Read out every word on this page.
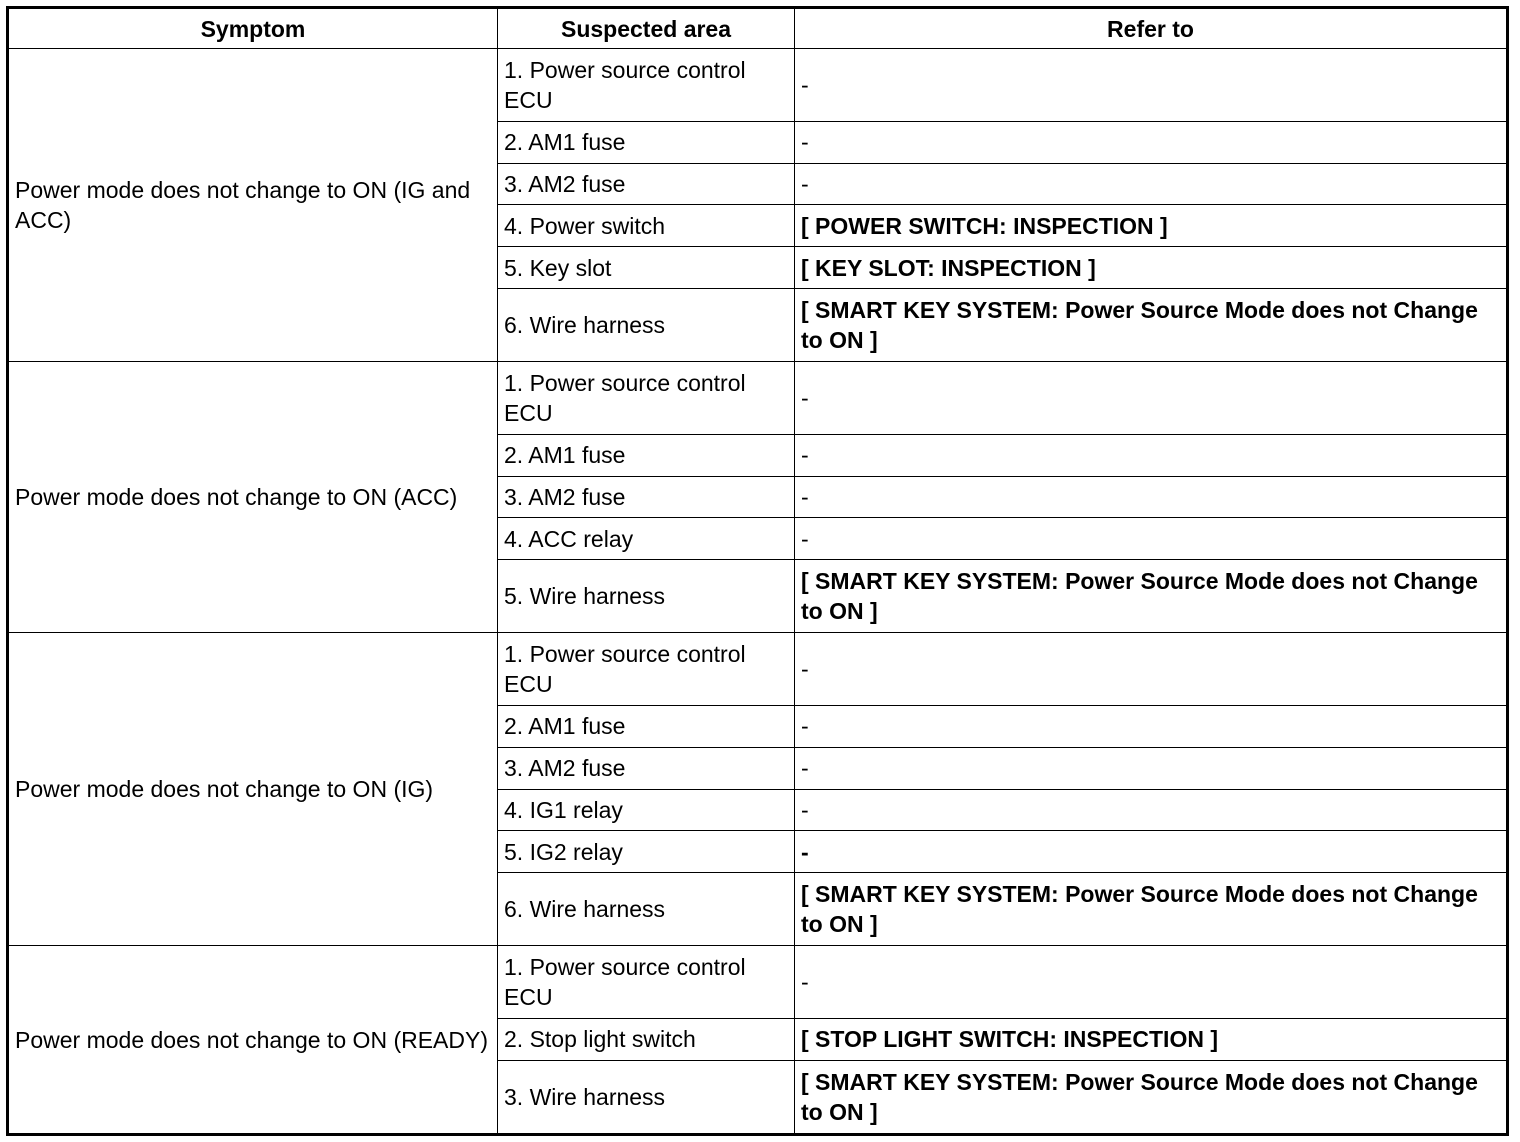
Symptom	Suspected area	Refer to
Power mode does not change to ON (IG and ACC)	1. Power source control ECU	-
	2. AM1 fuse	-
	3. AM2 fuse	-
	4. Power switch	[ POWER SWITCH: INSPECTION ]
	5. Key slot	[ KEY SLOT: INSPECTION ]
	6. Wire harness	[ SMART KEY SYSTEM: Power Source Mode does not Change to ON ]
Power mode does not change to ON (ACC)	1. Power source control ECU	-
	2. AM1 fuse	-
	3. AM2 fuse	-
	4. ACC relay	-
	5. Wire harness	[ SMART KEY SYSTEM: Power Source Mode does not Change to ON ]
Power mode does not change to ON (IG)	1. Power source control ECU	-
	2. AM1 fuse	-
	3. AM2 fuse	-
	4. IG1 relay	-
	5. IG2 relay	-
	6. Wire harness	[ SMART KEY SYSTEM: Power Source Mode does not Change to ON ]
Power mode does not change to ON (READY)	1. Power source control ECU	-
	2. Stop light switch	[ STOP LIGHT SWITCH: INSPECTION ]
	3. Wire harness	[ SMART KEY SYSTEM: Power Source Mode does not Change to ON ]
